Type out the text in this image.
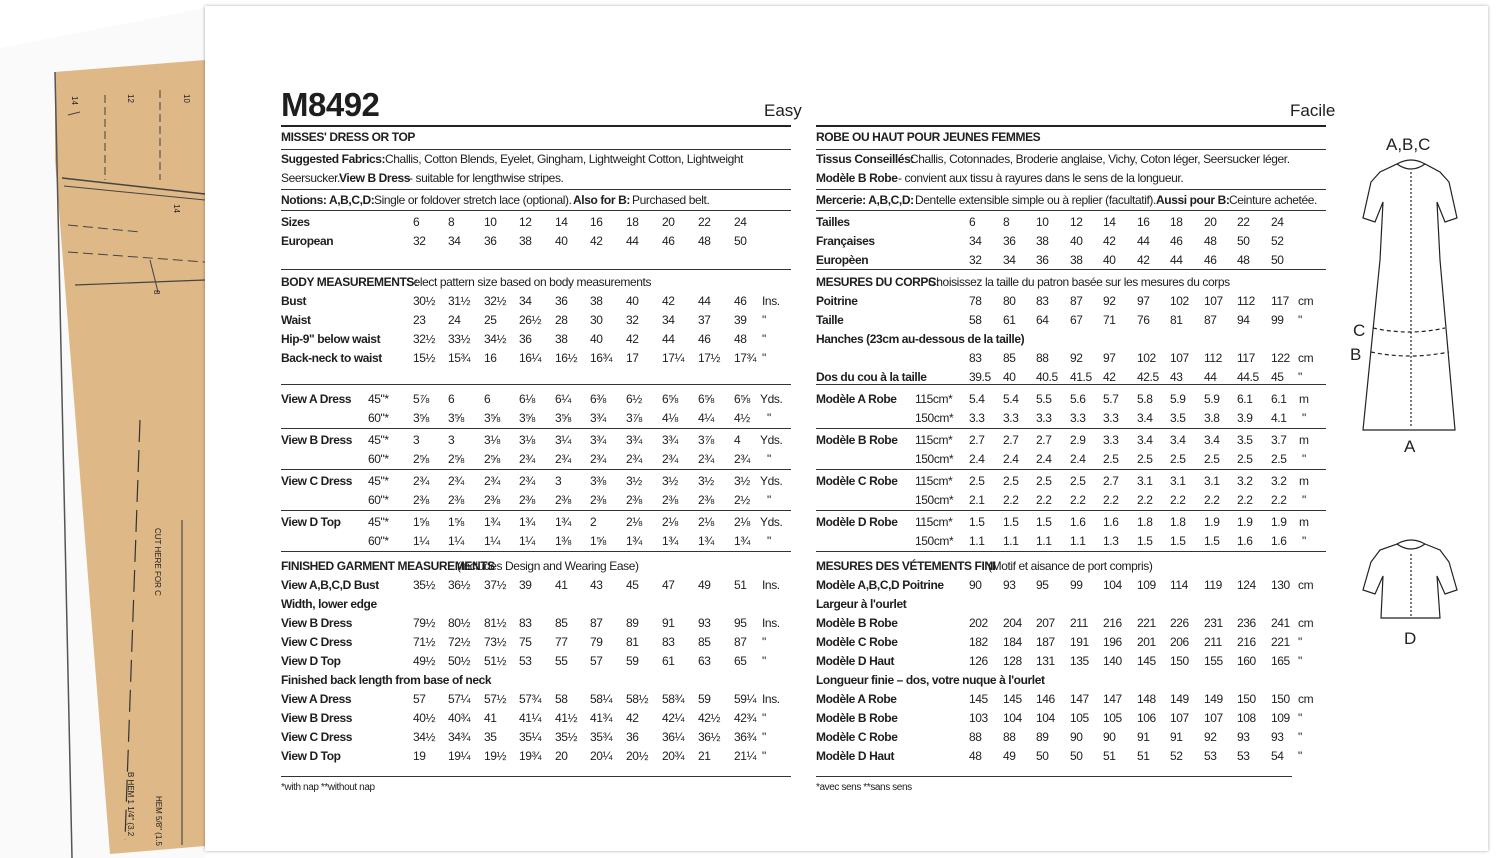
14	12	10
14
8
CUT HERE FOR C
B HEM 1 1/4" (3.2 HEM 5/8" (1.5
M8492	Easy	Facile
MISSES' DRESS OR TOP
Suggested Fabrics: Challis, Cotton Blends, Eyelet, Gingham, Lightweight Cotton, Lightweight
Seersucker. View B Dress
- suitable for lengthwise stripes.
Notions: A,B,C,D: Single or foldover stretch lace (optional). Also for B: Purchased belt.
Sizes	6 8 10 12 14 16 18 20 22 24
European	32 34 36 38 40 42 44 46 48 50
BODY MEASUREMENTS:
Select pattern size based on body measurements
Bust	30½ 31½ 32½ 34 36 38 40 42 44 46 Ins.
Waist	23 24 25 26½ 28 30 32 34 37 39 "
Hip-9" below waist	32½ 33½ 34½ 36 38 40 42 44 46 48 "
Back-neck to waist	15½ 15¾ 16 16¼ 16½ 16¾ 17 17¼ 17½ 17¾ "
View A Dress 45"* 5⅞ 6 6 6⅛ 6¼ 6⅜ 6½ 6⅝ 6⅝ 6⅝ Yds.
60"* 3⅝ 3⅝ 3⅝ 3⅝ 3⅝ 3¾ 3⅞ 4⅛ 4¼ 4½ "
View B Dress 45"* 3 3 3⅛ 3⅛ 3¼ 3¾ 3¾ 3¾ 3⅞ 4 Yds.
60"* 2⅝ 2⅝ 2⅝ 2¾ 2¾ 2¾ 2¾ 2¾ 2¾ 2¾ "
View C Dress 45"* 2¾ 2¾ 2¾ 2¾ 3 3⅜ 3½ 3½ 3½ 3½ Yds.
60"* 2⅜ 2⅜ 2⅜ 2⅜ 2⅜ 2⅜ 2⅜ 2⅜ 2⅜ 2½ "
View D Top 45"* 1⅝ 1⅝ 1¾ 1¾ 1¾ 2 2⅛ 2⅛ 2⅛ 2⅛ Yds.
60"* 1¼ 1¼ 1¼ 1¼ 1⅜ 1⅝ 1¾ 1¾ 1¾ 1¾ "
FINISHED GARMENT MEASUREMENTS
(Includes Design and Wearing Ease)
View A,B,C,D Bust	35½ 36½ 37½ 39 41 43 45 47 49 51 Ins.
Width, lower edge
View B Dress	79½ 80½ 81½ 83 85 87 89 91 93 95 Ins.
View C Dress	71½ 72½ 73½ 75 77 79 81 83 85 87 "
View D Top	49½ 50½ 51½ 53 55 57 59 61 63 65 "
Finished back length from base of neck
View A Dress	57 57¼ 57½ 57¾ 58 58¼ 58½ 58¾ 59 59¼ Ins.
View B Dress	40½ 40¾ 41 41¼ 41½ 41¾ 42 42¼ 42½ 42¾ "
View C Dress	34½ 34¾ 35 35¼ 35½ 35¾ 36 36¼ 36½ 36¾ "
View D Top	19 19¼ 19½ 19¾ 20 20¼ 20½ 20¾ 21 21¼ "
*with nap **without nap
ROBE OU HAUT POUR JEUNES FEMMES
Tissus Conseillés:
Challis, Cotonnades, Broderie anglaise, Vichy, Coton léger, Seersucker léger.
Modèle B Robe - convient aux tissu à rayures dans le sens de la longueur.
Mercerie: A,B,C,D: Dentelle extensible simple ou à replier (facultatif). Aussi pour B: Ceinture achetée.
Tailles	6 8 10 12 14 16 18 20 22 24
Françaises	34 36 38 40 42 44 46 48 50 52
Europèen	32 34 36 38 40 42 44 46 48 50
MESURES DU CORPS:
Choisissez la taille du patron basée sur les mesures du corps
Poitrine	78 80 83 87 92 97 102 107 112 117 cm
Taille	58 61 64 67 71 76 81 87 94 99 "
Hanches (23cm au-dessous de la taille)
83 85 88 92 97 102 107 112 117 122 cm
Dos du cou à la taille	39.5 40 40.5 41.5 42 42.5 43 44 44.5 45 "
Modèle A Robe 115cm* 5.4 5.4 5.5 5.6 5.7 5.8 5.9 5.9 6.1 6.1 m
150cm* 3.3 3.3 3.3 3.3 3.3 3.4 3.5 3.8 3.9 4.1 "
Modèle B Robe 115cm* 2.7 2.7 2.7 2.9 3.3 3.4 3.4 3.4 3.5 3.7 m
150cm* 2.4 2.4 2.4 2.4 2.5 2.5 2.5 2.5 2.5 2.5 "
Modèle C Robe 115cm* 2.5 2.5 2.5 2.5 2.7 3.1 3.1 3.1 3.2 3.2 m
150cm* 2.1 2.2 2.2 2.2 2.2 2.2 2.2 2.2 2.2 2.2 "
Modèle D Robe 115cm* 1.5 1.5 1.5 1.6 1.6 1.8 1.8 1.9 1.9 1.9 m
150cm* 1.1 1.1 1.1 1.1 1.3 1.5 1.5 1.5 1.6 1.6 "
MESURES DES VÉTEMENTS FINI
(Motif et aisance de port compris)
Modèle A,B,C,D Poitrine 90 93 95 99 104 109 114 119 124 130 cm
Largeur à l'ourlet
Modèle B Robe	202 204 207 211 216 221 226 231 236 241 cm
Modèle C Robe	182 184 187 191 196 201 206 211 216 221 "
Modèle D Haut	126 128 131 135 140 145 150 155 160 165 "
Longueur finie – dos, votre nuque à l'ourlet
Modèle A Robe	145 145 146 147 147 148 149 149 150 150 cm
Modèle B Robe	103 104 104 105 105 106 107 107 108 109 "
Modèle C Robe	88 88 89 90 90 91 91 92 93 93 "
Modèle D Haut	48 49 50 50 51 51 52 53 53 54 "
*avec sens **sans sens
A,B,C
C
B
A
D
